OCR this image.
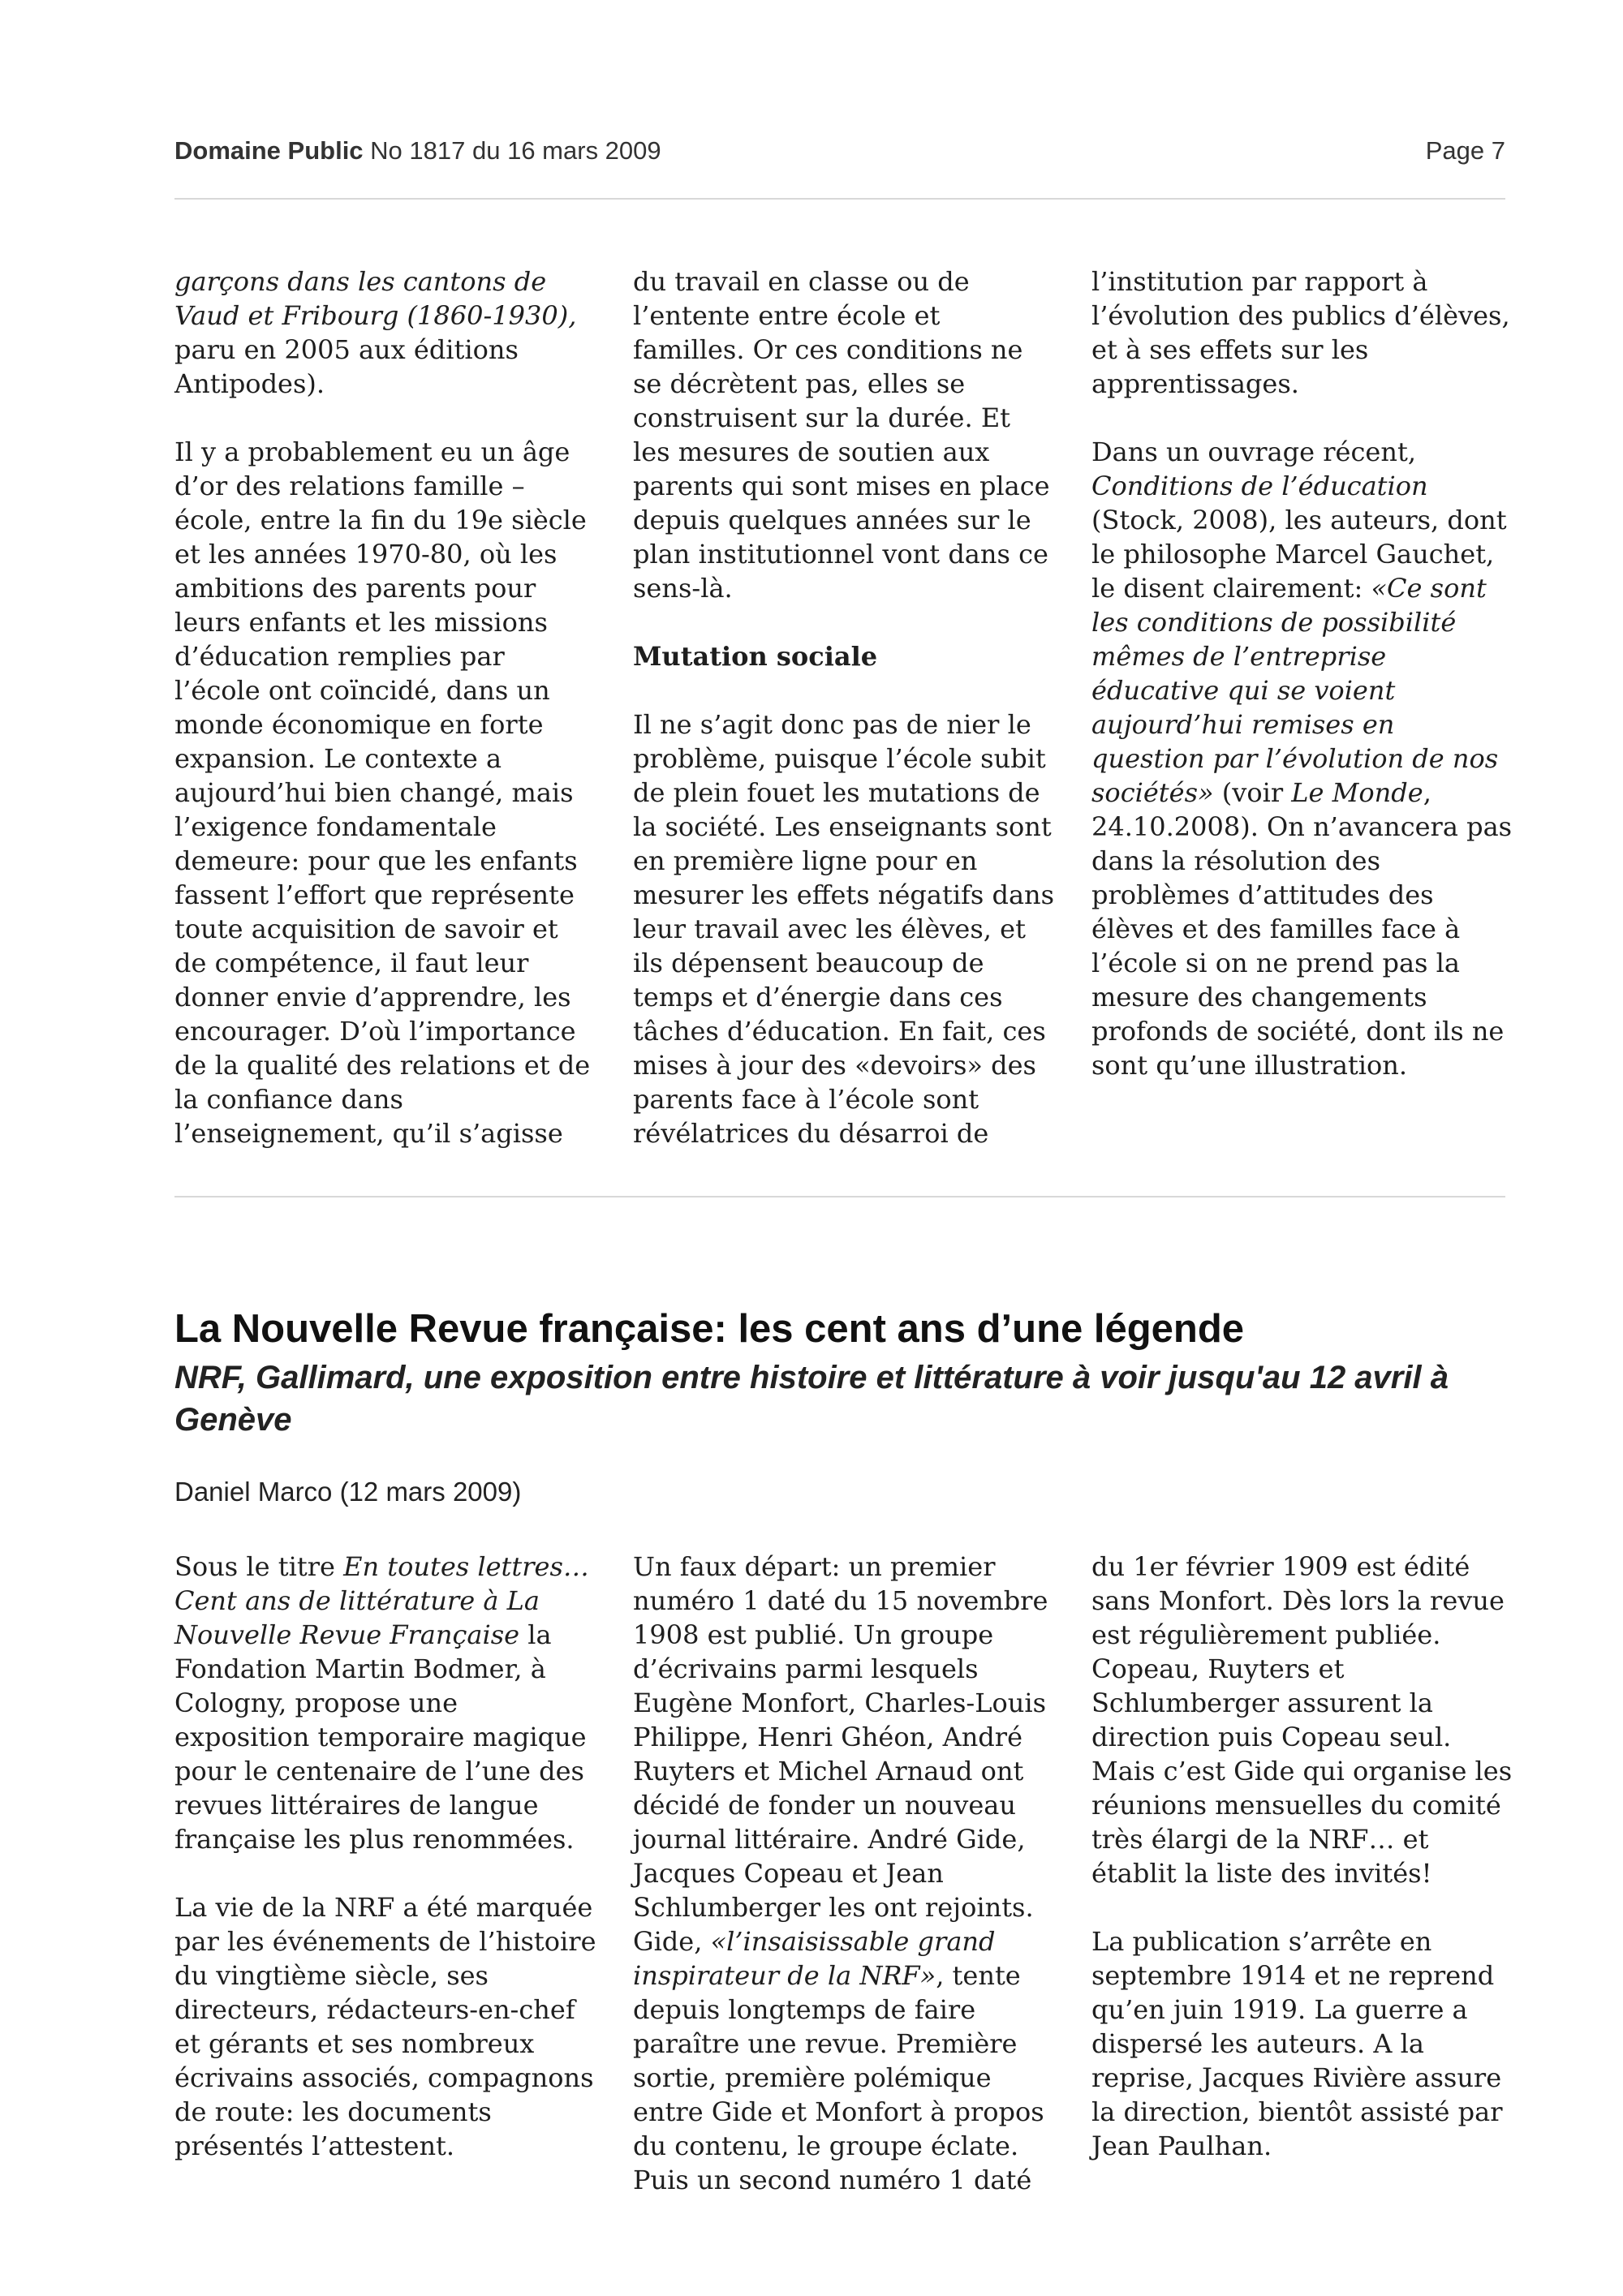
Domaine Public No 1817 du 16 mars 2009	Page 7

garçons dans les cantons de Vaud et Fribourg (1860-1930), paru en 2005 aux éditions Antipodes).

Il y a probablement eu un âge d’or des relations famille – école, entre la fin du 19e siècle et les années 1970-80, où les ambitions des parents pour leurs enfants et les missions d’éducation remplies par l’école ont coïncidé, dans un monde économique en forte expansion. Le contexte a aujourd’hui bien changé, mais l’exigence fondamentale demeure: pour que les enfants fassent l’effort que représente toute acquisition de savoir et de compétence, il faut leur donner envie d’apprendre, les encourager. D’où l’importance de la qualité des relations et de la confiance dans l’enseignement, qu’il s’agisse

du travail en classe ou de l’entente entre école et familles. Or ces conditions ne se décrètent pas, elles se construisent sur la durée. Et les mesures de soutien aux parents qui sont mises en place depuis quelques années sur le plan institutionnel vont dans ce sens-là.

Mutation sociale

Il ne s’agit donc pas de nier le problème, puisque l’école subit de plein fouet les mutations de la société. Les enseignants sont en première ligne pour en mesurer les effets négatifs dans leur travail avec les élèves, et ils dépensent beaucoup de temps et d’énergie dans ces tâches d’éducation. En fait, ces mises à jour des «devoirs» des parents face à l’école sont révélatrices du désarroi de

l’institution par rapport à l’évolution des publics d’élèves, et à ses effets sur les apprentissages.

Dans un ouvrage récent, Conditions de l’éducation (Stock, 2008), les auteurs, dont le philosophe Marcel Gauchet, le disent clairement: «Ce sont les conditions de possibilité mêmes de l’entreprise éducative qui se voient aujourd’hui remises en question par l’évolution de nos sociétés» (voir Le Monde, 24.10.2008). On n’avancera pas dans la résolution des problèmes d’attitudes des élèves et des familles face à l’école si on ne prend pas la mesure des changements profonds de société, dont ils ne sont qu’une illustration.

La Nouvelle Revue française: les cent ans d’une légende
NRF, Gallimard, une exposition entre histoire et littérature à voir jusqu'au 12 avril à Genève
Daniel Marco (12 mars 2009)

Sous le titre En toutes lettres… Cent ans de littérature à La Nouvelle Revue Française la Fondation Martin Bodmer, à Cologny, propose une exposition temporaire magique pour le centenaire de l’une des revues littéraires de langue française les plus renommées.

La vie de la NRF a été marquée par les événements de l’histoire du vingtième siècle, ses directeurs, rédacteurs-en-chef et gérants et ses nombreux écrivains associés, compagnons de route: les documents présentés l’attestent.

Un faux départ: un premier numéro 1 daté du 15 novembre 1908 est publié. Un groupe d’écrivains parmi lesquels Eugène Monfort, Charles-Louis Philippe, Henri Ghéon, André Ruyters et Michel Arnaud ont décidé de fonder un nouveau journal littéraire. André Gide, Jacques Copeau et Jean Schlumberger les ont rejoints. Gide, «l’insaisissable grand inspirateur de la NRF», tente depuis longtemps de faire paraître une revue. Première sortie, première polémique entre Gide et Monfort à propos du contenu, le groupe éclate. Puis un second numéro 1 daté

du 1er février 1909 est édité sans Monfort. Dès lors la revue est régulièrement publiée. Copeau, Ruyters et Schlumberger assurent la direction puis Copeau seul. Mais c’est Gide qui organise les réunions mensuelles du comité très élargi de la NRF… et établit la liste des invités!

La publication s’arrête en septembre 1914 et ne reprend qu’en juin 1919. La guerre a dispersé les auteurs. A la reprise, Jacques Rivière assure la direction, bientôt assisté par Jean Paulhan.
